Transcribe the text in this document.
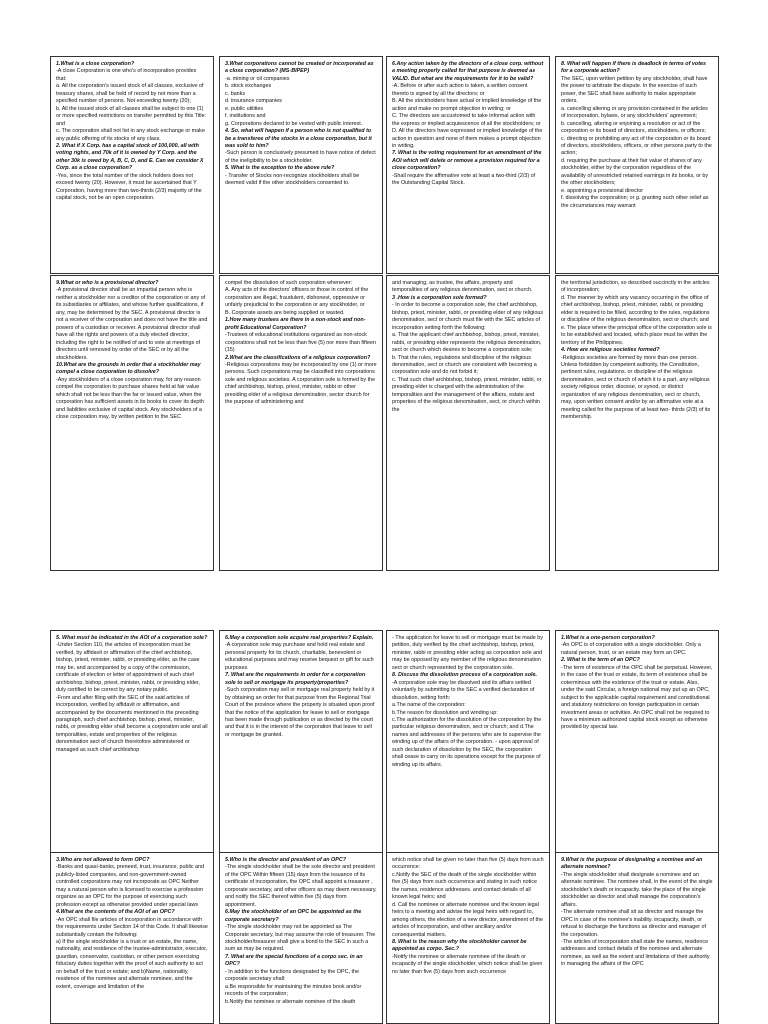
1.What is a close corporation?

-A close Corporation is one who's of incorporation provides that:

a. All the corporation's issued stock of all classes, exclusive of treasury shares, shall be held of record by not more than a specified number of persons. Not exceeding twenty (20);

b. All the issued stock of all classes shall be subject to one (1) or more specified restrictions on transfer permitted by this Title: and

c. The corporation shall not list in any stock exchange or make any public offering of its stocks of any class.

2. What if X Corp. has a capital stock of 100,000, all with voting rights, and 70k of it is owned by Y Corp. and the other 30k is owed by A, B, C, D, and E. Can we consider X Corp. as a close corporation?

-Yes, since the total number of the stock holders does not exceed twenty (20). However, it must be ascertained that Y Corporation, having more than two-thirds (2/3) majority of the capital stock, not be an open corporation.

3.What corporations cannot be created or incorporated as a close corporation? (MS-BIPEP)

-a. mining or oil companies
b. stock exchanges
c. banks
d. insurance companies
e. public utilities
f. institutions and
g. Corporations declared to be vested with public interest.

4. So, what will happen if a person who is not qualified to be a transferee of the stocks in a close corporation, but it was sold to him?

-Such person is conclusively presumed to have notice of defect of the ineligibility to be a stockholder.

5. What is the exception to the above rule?

- Transfer of Stocks non-recognize stockholders shall be deemed valid if the other stockholders consented to.

6.Any action taken by the directors of a close corp. without a meeting properly called for that purpose is deemed as VALID. But what are the requirements for it to be valid?

-A. Before or after such action is taken, a written consent thereto is signed by all the directors; or
B. All the stockholders have actual or implied knowledge of the action and make no prompt objection in writing; or
C. The directors are accustomed to take informal action with the express or implied acquiescence of all the stockholders; or
D. All the directors have expressed or implied knowledge of the action in question and none of them makes a prompt objection in writing.

7. What is the voting requirement for an amendment of the AOI which will delete or remove a provision required for a close corporation?

-Shall require the affirmative vote at least a two-third (2/3) of the Outstanding Capital Stock.

8. What will happen if there is deadlock in terms of votes for a corporate action?

The SEC, upon written petition by any stockholder, shall have the power to arbitrate the dispute. In the exercise of such power, the SEC shall have authority to make appropriate orders.
a. cancelling altering or any provision contained in the articles of incorporation, bylaws, or any stockholders' agreement;
b. cancelling, altering or enjoining a resolution or act of the corporation or its board of directors, stockholders, or officers;
c. directing or prohibiting any act of the corporation or its board of directors, stockholders, officers, or other persons party to the action;
d. requiring the purchase at their fair value of shares of any stockholder, either by the corporation regardless of the availability of unrestricted retained earnings in its books, or by the other stockholders;
e. appointing a provisional director
f. dissolving the corporation; or g. granting such other relief as the circumstances may warrant

9.What or who is a provisional director?

-A provisional director shall be an impartial person who is neither a stockholder nor a creditor of the corporation or any of its subsidiaries or affiliates, and whose further qualifications, if any, may be determined by the SEC. A provisional director is not a receiver of the corporation and does not have the title and powers of a custodian or receiver. A provisional director shall have all the rights and powers of a duly elected director, including the right to be notified of and to vote at meetings of directors until removed by order of the SEC or by all the stockholders.

10.What are the grounds in order that a stockholder may compel a close corporation to dissolve?

-Any stockholders of a close corporation may, for any reason compel the corporation to purchase shares held at fair value which shall not be less than the far or issued value, when the corporation has sufficient assets in its books to cover its depth and liabilities exclusive of capital stock. Any stockholders of a close corporation may, by written petition to the SEC

compel the dissolution of such corporation whenever:
A. Any acts of the directors' officers or those in control of the corporation are illegal, fraudulent, dishonest, oppressive or unfairly prejudicial to the corporation or any stockholder, or
B. Corporate assets are being supplied or wasted.

1.How many trustees are there in a non-stock and non-profit Educational Corporation?

-Trustees of educational institutions organized as non-stock corporations shall not be less than five (5) nor more than fifteen (15)

2.What are the classifications of a religious corporation?

-Religious corporations may be incorporated by one (1) or more persons. Such corporations may be classified into corporations sole and religious societies. A corporation sole is formed by the chief archbishop, bishop, priest, minister, rabbi or other presiding elder of a religious denomination, sector church for the purpose of administering and

and managing, as trustee, the affairs, property and temporalities of any religious denomination, sect or church.

3 .How is a corporation sole formed?

- In order to become a corporation sole, the chief archbishop, bishop, priest, minister, rabbi, or presiding elder of any religious denomination, sect or church must file with the SEC articles of incorporation setting forth the following:
a. That the applicant chief archbishop, bishop, priest, minister, rabbi, or presiding elder represents the religious denomination, sect or church which desires to become a corporation sole;
b. That the rules, regulations and discipline of the religious denomination, sect or church are consistent with becoming a corporation sole and do not forbid it;
c. That such chief archbishop, bishop, priest, minister, rabbi, or presiding elder is charged with the administration of the temporalities and the management of the affairs, estate and properties of the religious denomination, sect, or church within the

the territorial jurisdiction, so described succinctly in the articles of incorporation;
d. The manner by which any vacancy occurring in the office of chief archbishop, bishop, priest, minister, rabbi, or presiding elder is required to be filled, according to the rules, regulations or discipline of the religious denomination, sect or church; and
e. The place where the principal office of the corporation sole is to be established and located, which place must be within the territory of the Philippines.

4. How are religious societies formed?

-Religious societies are formed by more than one person. Unless forbidden by competent authority, the Constitution, pertinent rules, regulations. or discipline of the religious denomination, sect or church of which it is a part, any religious society religious order, diocese, or synod, or district organization of any religious denomination, sect or church, may, upon written consent and/or by an affirmative vote at a meeting called for the purpose of at least two- thirds (2/3) of its membership.

5. What must be indicated in the AOI of a corporation sole?

-Under Section 110, the articles of incorporation must be verified, by affidavit or affirmation of the chief archbishop, bishop, priest, minister, rabbi, or presiding elder, as the case may be, and accompanied by a copy of the commission, certificate of election or letter of appointment of such chief archbishop, bishop, priest, minister, rabbi, or presiding elder, duly certified to be correct by any notary public.
-From and after filing with the SEC of the said articles of incorporation, verified by affidavit or affirmation, and accompanied by the documents mentioned in the preceding paragraph, such chief archbishop, bishop, priest, minister, rabbi, or presiding elder shall become a corporation sole and all temporalities, estate and properties of the religious denomination sect of church theretofore administered or managed as such chief archbishop

6.May a corporation sole acquire real properties? Explain.

-A corporation sole may purchase and hold real estate and personal property for its church, charitable, benevolent or educational purposes and may receive bequest or gift for such purposes.

7. What are the requirements in order for a corporation sole to sell or mortgage its property/properties?

-Such corporation may sell or mortgage real property held by it by obtaining an order for that purpose from the Regional Trial Court of the province where the property is situated upon proof that the notice of the application for leave to sell or mortgage has been made through publication or as directed by the court and that it is in the interest of the corporation that leave to sell or mortgage be granted.

- The application for leave to sell or mortgage must be made by petition, duly verified by the chief archbishop, bishop, priest, minister, rabbi or presiding elder acting as corporation sole and may be opposed by any member of the religious denomination sect or church represented by the corporation sole.

8. Discuss the dissolution process of a corporation sole.

-A corporation sole may be dissolved and its affairs settled voluntarily by submitting to the SEC a verified declaration of dissolution, setting forth:
a.The name of the corporation:
b.The reason for dissolution and winding up:
c.The authorization for the dissolution of the corporation by the particular religious denomination, sect or church; and d.The names and addresses of the persons who are to supervise the winding up of the affairs of the corporation. - upon approval of such declaration of dissolution by the SEC, the corporation shall cease to carry on its operations except for the purpose of winding up its affairs.

1.What is a one-person corporation?

-An OPC is of corporation with a single stockholder. Only a natural person, trust, or an estate may form an OPC.

2. What is the term of an OPC?

-The term of existence of the OPC shall be perpetual. However, in the case of the trust or estate, its term of existence shall be coterminous with the existence of the trust or estate. Also, under the said Circular, a foreign national may put up an OPC, subject to the applicable capital requirement and constitutional and statutory restrictions on foreign participation in certain investment areas or activities. An OPC shall not be required to have a minimum authorized capital stock except as otherwise provided by special law.

3.Who are not allowed to form OPC?

-Banks and quasi-banks, preneed, trust, insurance, public and publicly-listed companies, and non-government-owned controlled corporations may not incorporate as OPC Neither may a natural person who is licensed to exercise a profession organize as an OPC for the purpose of exercising such profession except as otherwise provided under special laws

4.What are the contents of the AOI of an OPC?

-An OPC shall file articles of incorporation in accordance with the requirements under Section 14 of this Code. It shall likewise substantially contain the following:
a) If the single stockholder is a trust or an estate, the name, nationality, and residence of the trustee-administrator, executor, guardian, conservator, custodian, or other person exercising fiduciary duties together with the proof of such authority to act on behalf of the trust or estate; and b)Name, nationality, residence of the nominee and alternate nominee, and the extent, coverage and limitation of the

5.Who is the director and president of an OPC?

-The single stockholder shall be the sole director and president of the OPC Within fifteen (15) days from the issuance of its certificate of incorporation, the OPC shall appoint a treasurer , corporate secretary, and other officers as may deem necessary, and notify the SEC thereof within five (5) days from appointment.

6.May the stockholder of an OPC be appointed as the corporate secretary?

-The single stockholder may not be appointed as The Corporate secretary, but may assume the role of treasurer. The stockholder/treasurer shall give a bond to the SEC in such a sum as may be required.

7. What are the special functions of a corpo sec. in an OPC?

- In addition to the functions designated by the OPC, the corporate secretary shall:
a.Be responsible for maintaining the minutes book and/or records of the corporation;
b.Notify the nominee or alternate nominee of the death

which notice shall be given no later than five (5) days from such occurrence:
c.Notify the SEC of the death of the single stockholder within five (5) days from such occurrence and stating in such notice the names, residence addresses. and contact details of all known legal heirs; and
d. Call the nominee or alternate nominee and the known legal heirs to a meeting and advise the legal heirs with regard to, among others, the election of a new director, amendment of the articles of incorporation, and other ancillary and/or consequential matters.

8. What is the reason why the stockholder cannot be appointed as corpo. Sec.?

-Notify the nominee or alternate nominee of the death or incapacity of the single stockholder, which notice shall be given no later than five (5) days from such occurrence

9.What is the purpose of designating a nominee and an alternate nominee?

-The single stockholder shall designate a nominee and an alternate nominee. The nominee shall, in the event of the single stockholder's death or incapacity. take the place of the single stockholder as director and shall manage the corporation's affairs.
-The alternate nominee shall sit as director and manage the OPC in case of the nominee's inability. incapacity, death, or refusal to discharge the functions as director and manager of the corporation.
-The articles of incorporation shall state the names, residence addresses and contact details of the nominee and alternate nominee, as well as the extent and limitations of their authority in managing the affairs of the OPC
